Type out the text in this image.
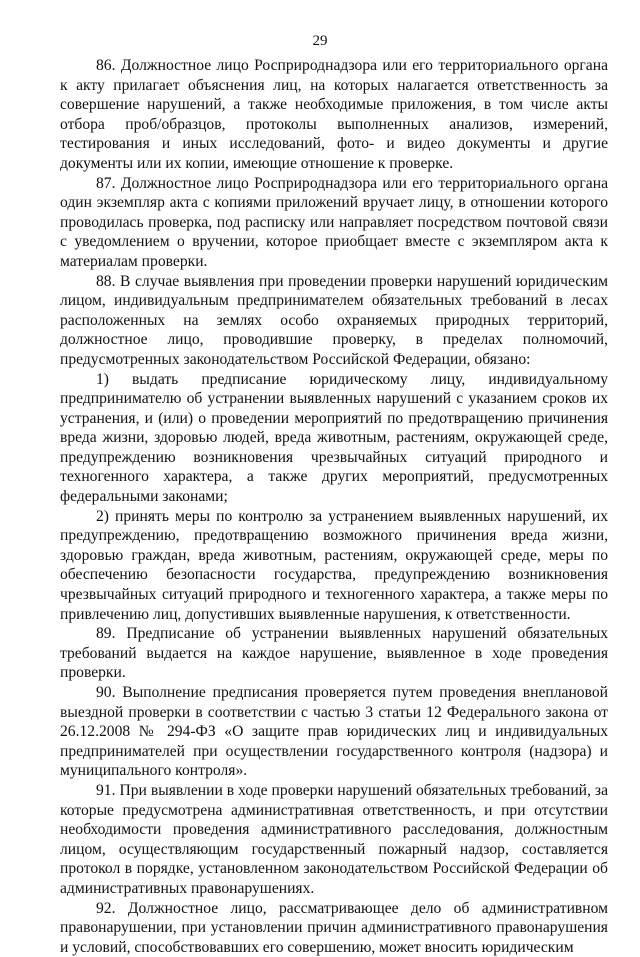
29

86. Должностное лицо Росприроднадзора или его территориального органа к акту прилагает объяснения лиц, на которых налагается ответственность за совершение нарушений, а также необходимые приложения, в том числе акты отбора проб/образцов, протоколы выполненных анализов, измерений, тестирования и иных исследований, фото- и видео документы и другие документы или их копии, имеющие отношение к проверке.

87. Должностное лицо Росприроднадзора или его территориального органа один экземпляр акта с копиями приложений вручает лицу, в отношении которого проводилась проверка, под расписку или направляет посредством почтовой связи с уведомлением о вручении, которое приобщает вместе с экземпляром акта к материалам проверки.

88. В случае выявления при проведении проверки нарушений юридическим лицом, индивидуальным предпринимателем обязательных требований в лесах расположенных на землях особо охраняемых природных территорий, должностное лицо, проводившие проверку, в пределах полномочий, предусмотренных законодательством Российской Федерации, обязано:

1) выдать предписание юридическому лицу, индивидуальному предпринимателю об устранении выявленных нарушений с указанием сроков их устранения, и (или) о проведении мероприятий по предотвращению причинения вреда жизни, здоровью людей, вреда животным, растениям, окружающей среде, предупреждению возникновения чрезвычайных ситуаций природного и техногенного характера, а также других мероприятий, предусмотренных федеральными законами;

2) принять меры по контролю за устранением выявленных нарушений, их предупреждению, предотвращению возможного причинения вреда жизни, здоровью граждан, вреда животным, растениям, окружающей среде, меры по обеспечению безопасности государства, предупреждению возникновения чрезвычайных ситуаций природного и техногенного характера, а также меры по привлечению лиц, допустивших выявленные нарушения, к ответственности.

89. Предписание об устранении выявленных нарушений обязательных требований выдается на каждое нарушение, выявленное в ходе проведения проверки.

90. Выполнение предписания проверяется путем проведения внеплановой выездной проверки в соответствии с частью 3 статьи 12 Федерального закона от 26.12.2008 № 294-ФЗ «О защите прав юридических лиц и индивидуальных предпринимателей при осуществлении государственного контроля (надзора) и муниципального контроля».

91. При выявлении в ходе проверки нарушений обязательных требований, за которые предусмотрена административная ответственность, и при отсутствии необходимости проведения административного расследования, должностным лицом, осуществляющим государственный пожарный надзор, составляется протокол в порядке, установленном законодательством Российской Федерации об административных правонарушениях.

92. Должностное лицо, рассматривающее дело об административном правонарушении, при установлении причин административного правонарушения и условий, способствовавших его совершению, может вносить юридическим
